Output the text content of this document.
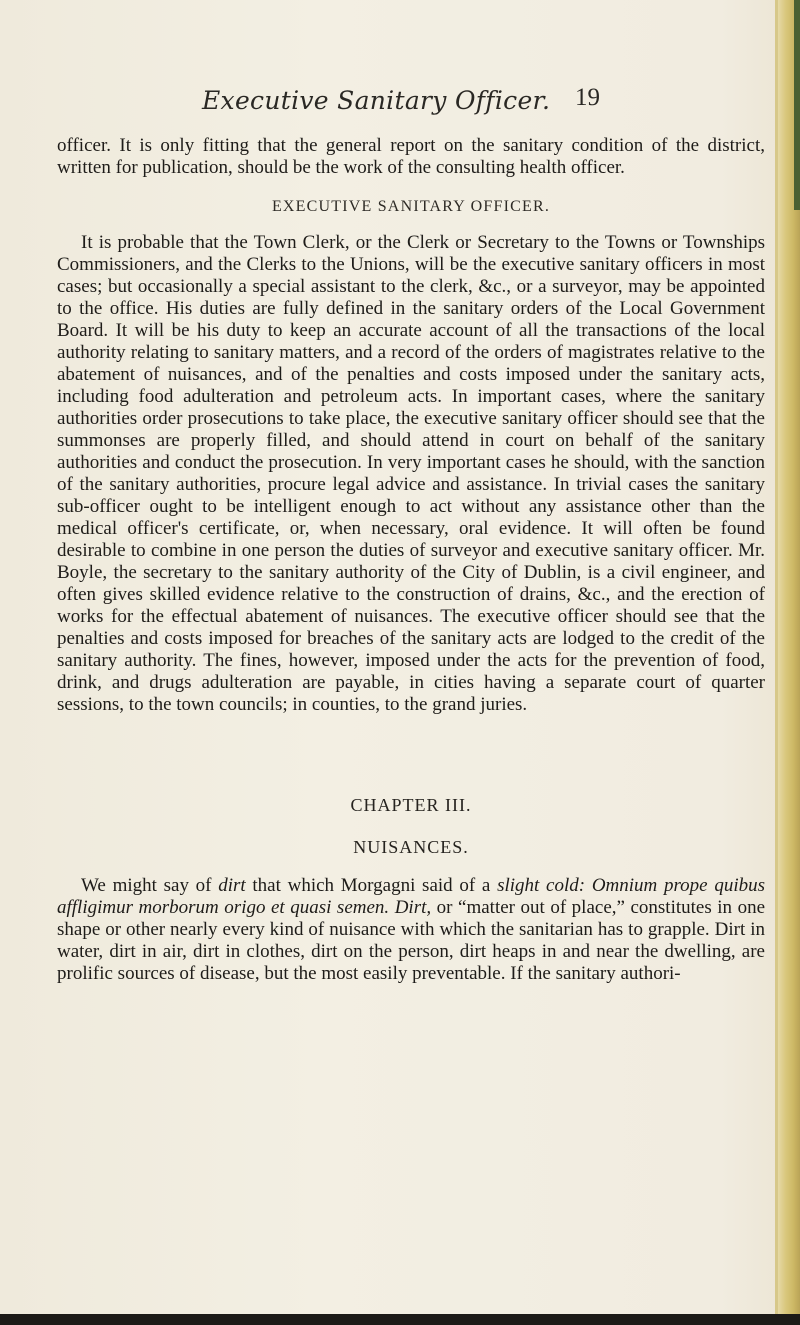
Executive Sanitary Officer. 19

officer. It is only fitting that the general report on the sanitary condition of the district, written for publication, should be the work of the consulting health officer.

EXECUTIVE SANITARY OFFICER.

It is probable that the Town Clerk, or the Clerk or Secretary to the Towns or Townships Commissioners, and the Clerks to the Unions, will be the executive sanitary officers in most cases; but occasionally a special assistant to the clerk, &c., or a surveyor, may be appointed to the office. His duties are fully defined in the sanitary orders of the Local Government Board. It will be his duty to keep an accurate account of all the transactions of the local authority relating to sanitary matters, and a record of the orders of magistrates relative to the abatement of nuisances, and of the penalties and costs imposed under the sanitary acts, including food adulteration and petroleum acts. In important cases, where the sanitary authorities order prosecutions to take place, the executive sanitary officer should see that the summonses are properly filled, and should attend in court on behalf of the sanitary authorities and conduct the prosecution. In very important cases he should, with the sanction of the sanitary authorities, procure legal advice and assistance. In trivial cases the sanitary sub-officer ought to be intelligent enough to act without any assistance other than the medical officer's certificate, or, when necessary, oral evidence. It will often be found desirable to combine in one person the duties of surveyor and executive sanitary officer. Mr. Boyle, the secretary to the sanitary authority of the City of Dublin, is a civil engineer, and often gives skilled evidence relative to the construction of drains, &c., and the erection of works for the effectual abatement of nuisances. The executive officer should see that the penalties and costs imposed for breaches of the sanitary acts are lodged to the credit of the sanitary authority. The fines, however, imposed under the acts for the prevention of food, drink, and drugs adulteration are payable, in cities having a separate court of quarter sessions, to the town councils; in counties, to the grand juries.

CHAPTER III.

NUISANCES.

We might say of dirt that which Morgagni said of a slight cold: Omnium prope quibus affligimur morborum origo et quasi semen. Dirt, or “matter out of place,” constitutes in one shape or other nearly every kind of nuisance with which the sanitarian has to grapple. Dirt in water, dirt in air, dirt in clothes, dirt on the person, dirt heaps in and near the dwelling, are prolific sources of disease, but the most easily preventable. If the sanitary authori-
